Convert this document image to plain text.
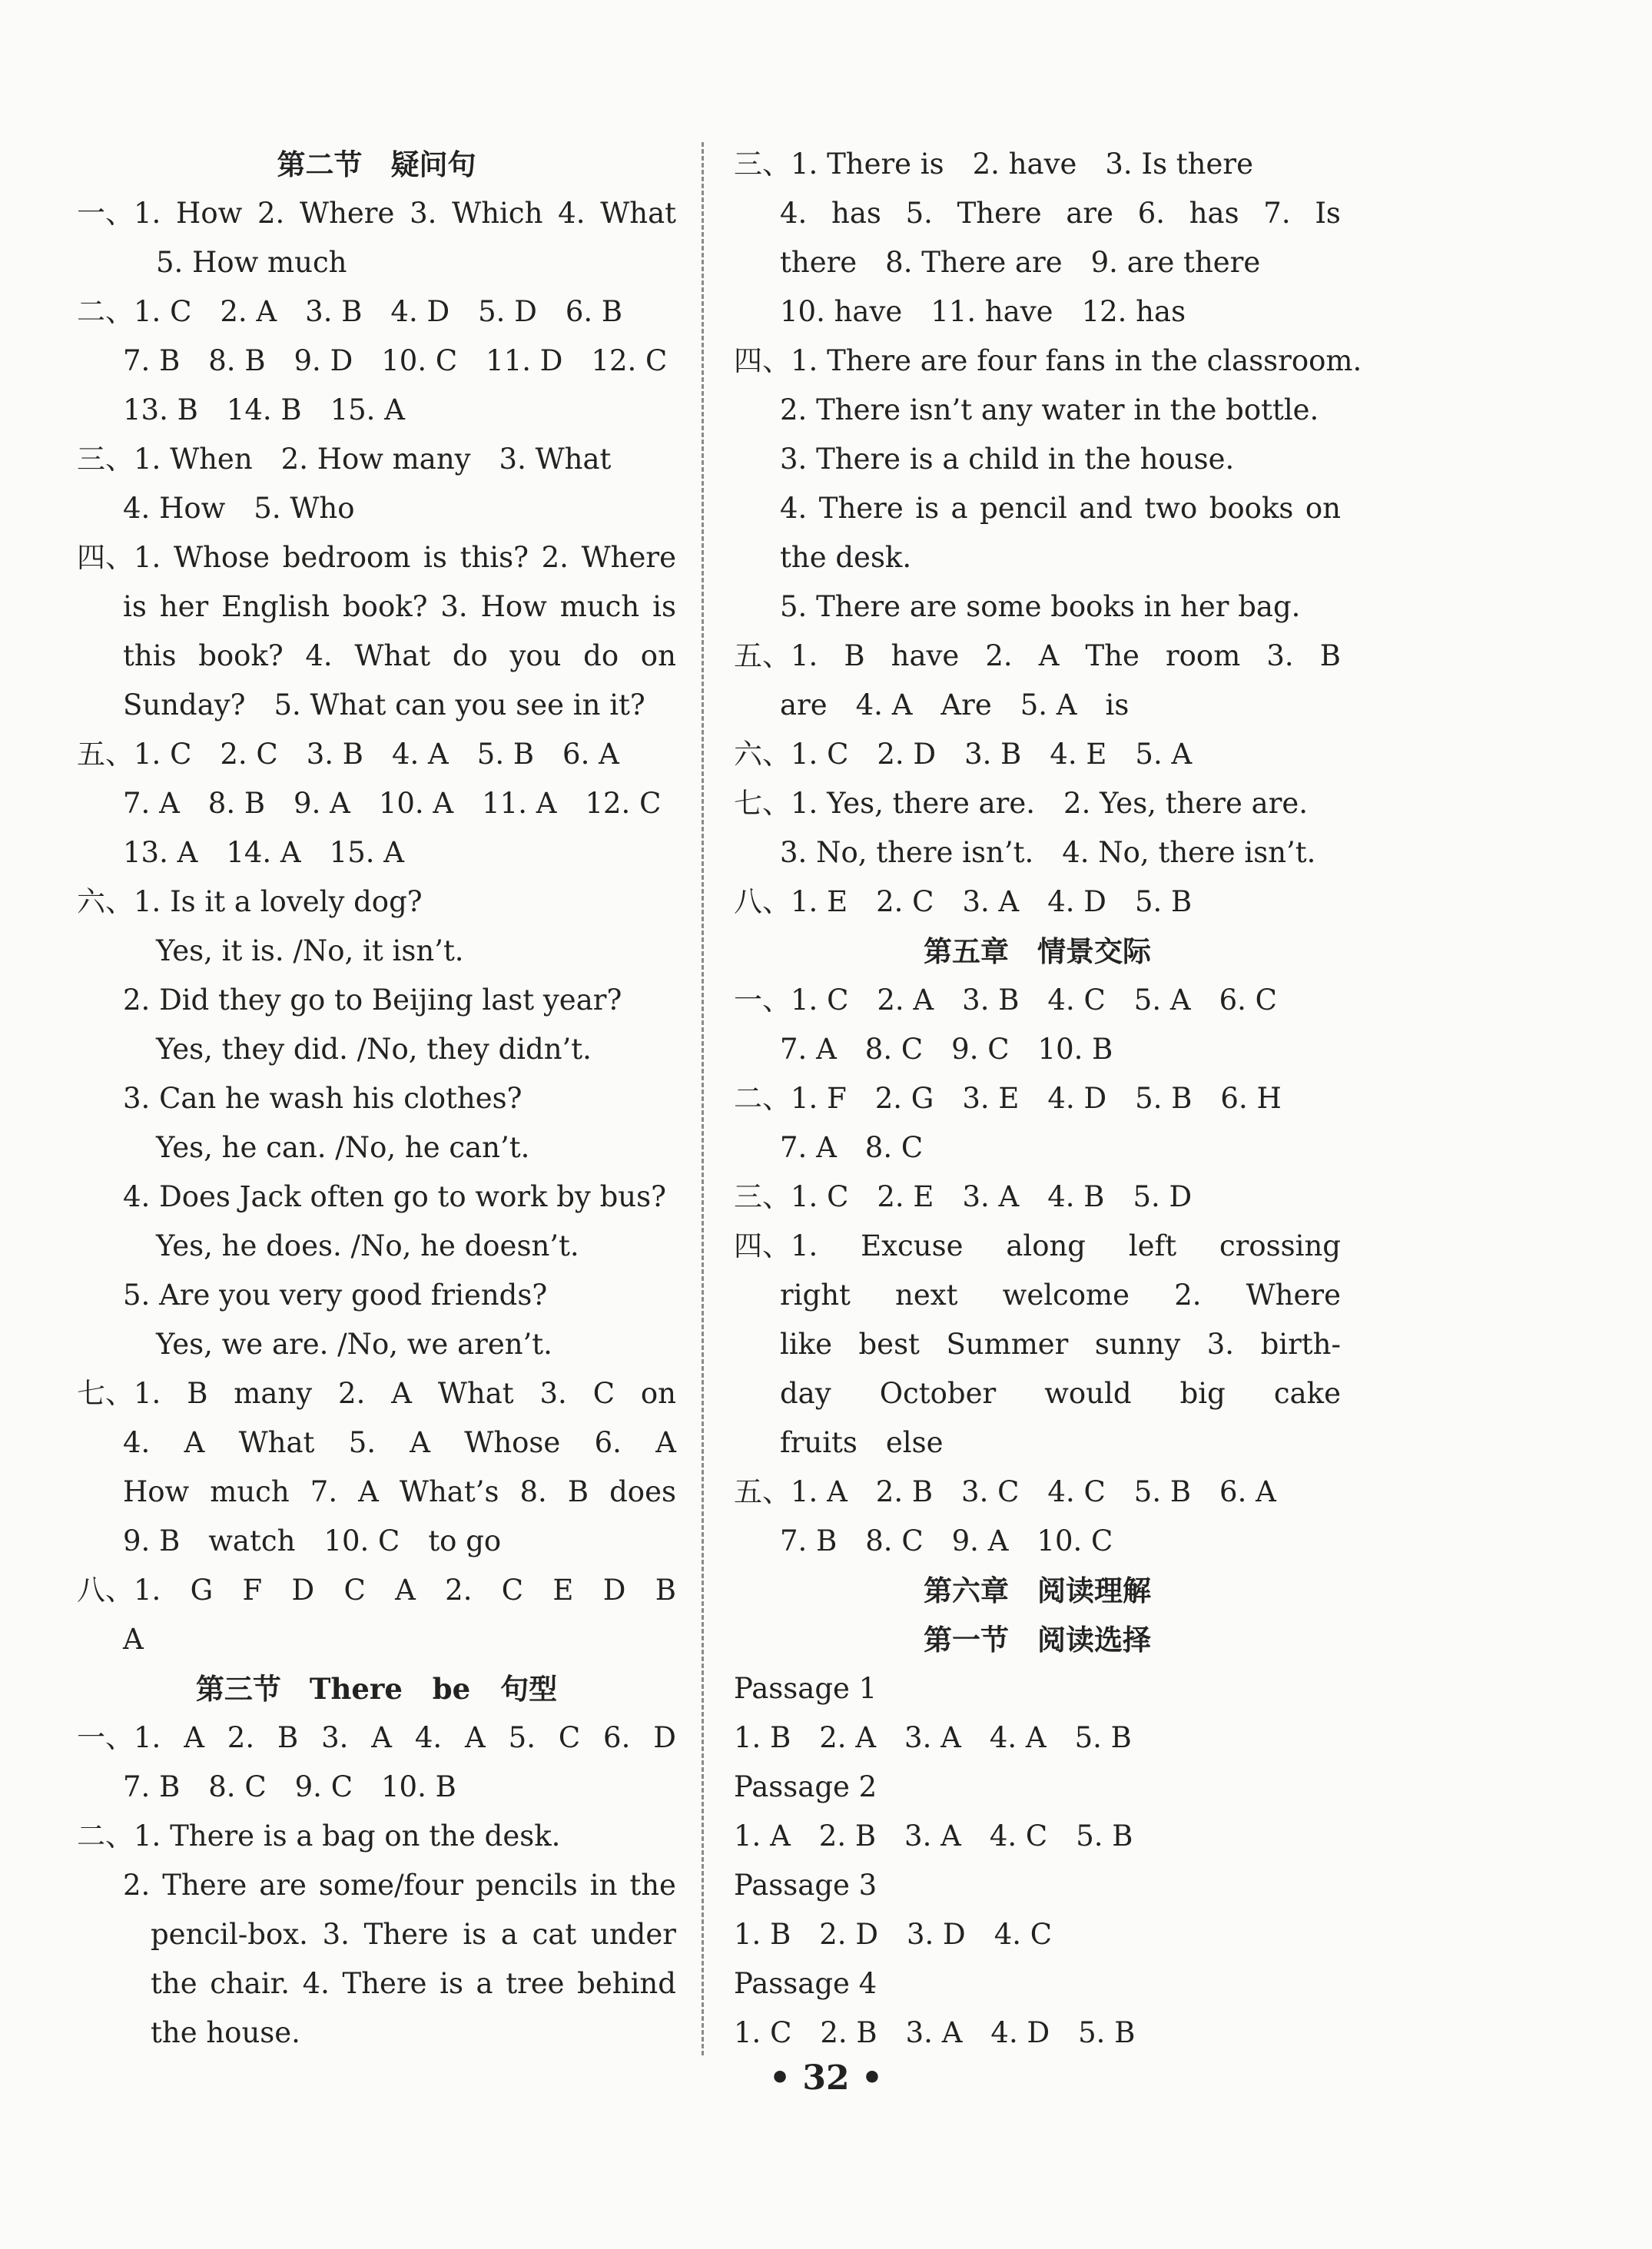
第二节　疑问句
一、1. How 2. Where 3. Which 4. What
5. How much
二、1. C　2. A　3. B　4. D　5. D　6. B
7. B　8. B　9. D　10. C　11. D　12. C
13. B　14. B　15. A
三、1. When　2. How many　3. What
4. How　5. Who
四、1. Whose bedroom is this? 2. Where
is her English book? 3. How much is
this book? 4. What do you do on
Sunday?　5. What can you see in it?
五、1. C　2. C　3. B　4. A　5. B　6. A
7. A　8. B　9. A　10. A　11. A　12. C
13. A　14. A　15. A
六、1. Is it a lovely dog?
Yes, it is. /No, it isn’t.
2. Did they go to Beijing last year?
Yes, they did. /No, they didn’t.
3. Can he wash his clothes?
Yes, he can. /No, he can’t.
4. Does Jack often go to work by bus?
Yes, he does. /No, he doesn’t.
5. Are you very good friends?
Yes, we are. /No, we aren’t.
七、1. B many 2. A What 3. C on
4. A What 5. A Whose 6. A
How much 7. A What’s 8. B does
9. B　watch　10. C　to go
八、1. G F D C A 2. C E D B
A
第三节　There be 句型
一、1. A 2. B 3. A 4. A 5. C 6. D
7. B　8. C　9. C　10. B
二、1. There is a bag on the desk.
2. There are some/four pencils in the
pencil-box. 3. There is a cat under
the chair. 4. There is a tree behind
the house.
三、1. There is　2. have　3. Is there
4. has 5. There are 6. has 7. Is
there　8. There are　9. are there
10. have　11. have　12. has
四、1. There are four fans in the classroom.
2. There isn’t any water in the bottle.
3. There is a child in the house.
4. There is a pencil and two books on
the desk.
5. There are some books in her bag.
五、1. B have 2. A The room 3. B
are　4. A　Are　5. A　is
六、1. C　2. D　3. B　4. E　5. A
七、1. Yes, there are.　2. Yes, there are.
3. No, there isn’t.　4. No, there isn’t.
八、1. E　2. C　3. A　4. D　5. B
第五章　情景交际
一、1. C　2. A　3. B　4. C　5. A　6. C
7. A　8. C　9. C　10. B
二、1. F　2. G　3. E　4. D　5. B　6. H
7. A　8. C
三、1. C　2. E　3. A　4. B　5. D
四、1. Excuse along left crossing
right next welcome 2. Where
like best Summer sunny 3. birth-
day October would big cake
fruits　else
五、1. A　2. B　3. C　4. C　5. B　6. A
7. B　8. C　9. A　10. C
第六章　阅读理解
第一节　阅读选择
Passage 1
1. B　2. A　3. A　4. A　5. B
Passage 2
1. A　2. B　3. A　4. C　5. B
Passage 3
1. B　2. D　3. D　4. C
Passage 4
1. C　2. B　3. A　4. D　5. B
• 32 •
